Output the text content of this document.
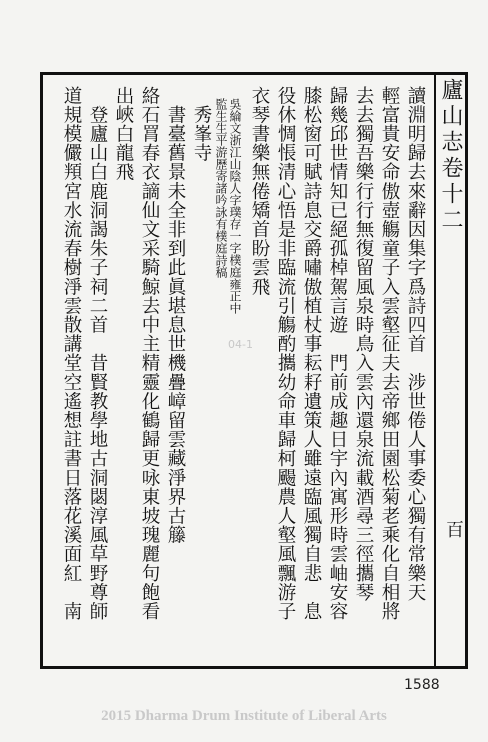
廬山志卷十二
百
讀淵明歸去來辭因集字爲詩四首　涉世倦人事委心獨有常樂天
輕富貴安命傲壺觴童子入雲壑征夫去帝鄉田園松菊老乘化自相將
去去獨吾樂行行無復留風泉時鳥入雲內還泉流載酒尋三徑攜琴
歸幾邱世情知已絕孤棹駕言遊　門前成趣日宇內寓形時雲岫安容
膝松窗可賦詩息交爵嘯傲植杖事耘耔遺策人雖遠臨風獨自悲　息
役休惆悵清心悟是非臨流引觴酌攜幼命車歸柯颺農人壑風飄游子
衣琴書樂無倦矯首盼雲飛
　吳綸文浙江山陰人字璞存一字樸庭雍正中
　監生生平游歷寄諸吟詠有樸庭詩稿
　秀峯寺
　書臺舊景未全非到此眞堪息世機疊嶂留雲藏淨界古籐
絡石罥春衣謫仙文采騎鯨去中主精靈化鶴歸更咏東坡瑰麗句飽看
出峽白龍飛
　登廬山白鹿洞謁朱子祠二首　昔賢教學地古洞閟淳風草野尊師
道規模儼頖宮水流春樹淨雲散講堂空遙想註書日落花溪面紅　南	04-1
1588
2015 Dharma Drum Institute of Liberal Arts
